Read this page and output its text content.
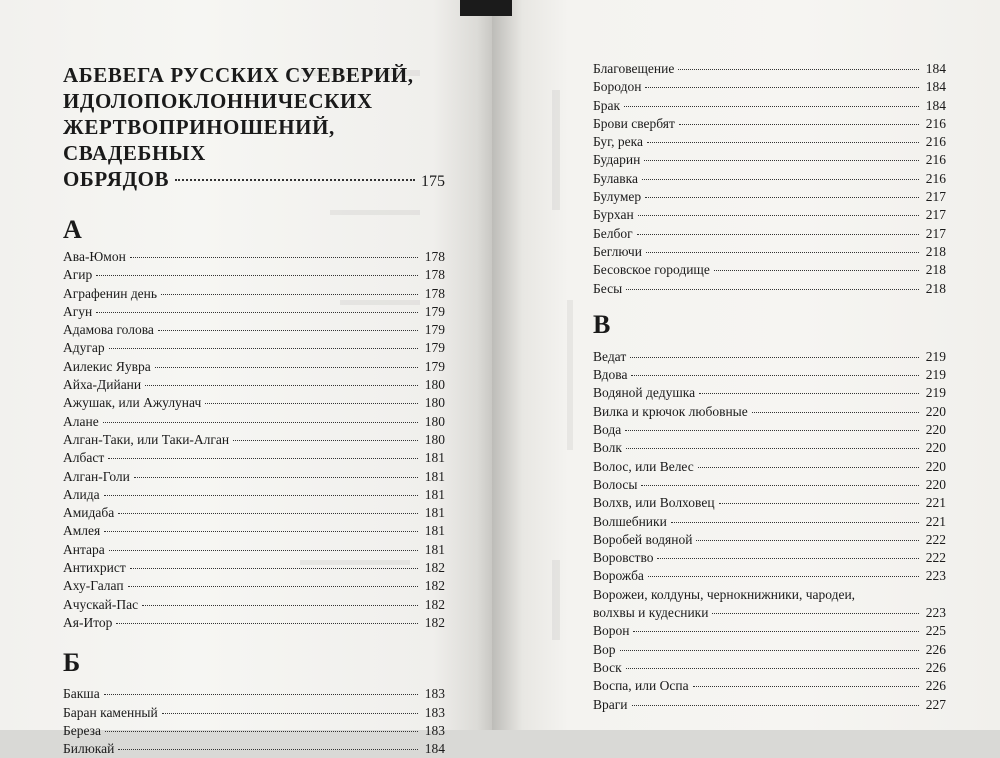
АБЕВЕГА РУССКИХ СУЕВЕРИЙ,

ИДОЛОПОКЛОННИЧЕСКИХ

ЖЕРТВОПРИНОШЕНИЙ, СВАДЕБНЫХ

ОБРЯДОВ	175

А

Ава-Юмон	178
Агир	178
Аграфенин день	178
Агун	179
Адамова голова	179
Адугар	179
Аилекис Яувра	179
Айха-Дийани	180
Ажушак, или Ажулунач	180
Алане	180
Алган-Таки, или Таки-Алган	180
Албаст	181
Алган-Голи	181
Алида	181
Амидаба	181
Амлея	181
Антара	181
Антихрист	182
Аху-Галап	182
Ачускай-Пас	182
Ая-Итор	182

Б

Бакша	183
Баран каменный	183
Береза	183
Билюкай	184
Благовещение	184
Бородон	184
Брак	184
Брови свербят	216
Буг, река	216
Бударин	216
Булавка	216
Булумер	217
Бурхан	217
Белбог	217
Беглючи	218
Бесовское городище	218
Бесы	218

В

Ведат	219
Вдова	219
Водяной дедушка	219
Вилка и крючок любовные	220
Вода	220
Волк	220
Волос, или Велес	220
Волосы	220
Волхв, или Волховец	221
Волшебники	221
Воробей водяной	222
Воровство	222
Ворожба	223
Ворожеи, колдуны, чернокнижники, чародеи,
волхвы и кудесники	223
Ворон	225
Вор	226
Воск	226
Воспа, или Оспа	226
Враги	227
